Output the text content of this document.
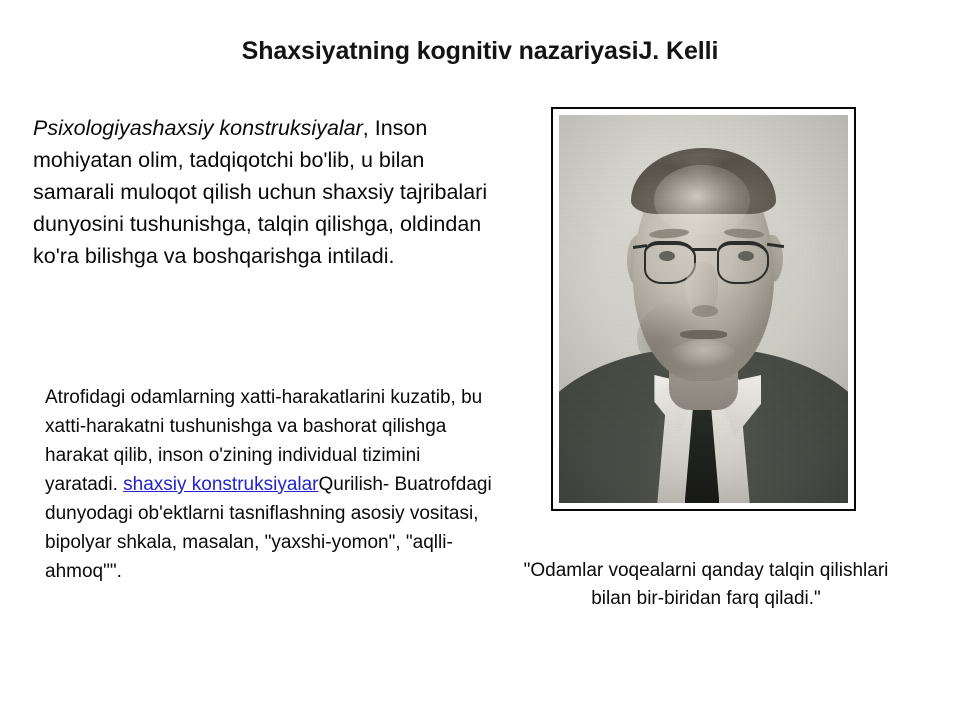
Shaxsiyatning kognitiv nazariyasiJ. Kelli
Psixologiyashaxsiy konstruksiyalar, Inson mohiyatan olim, tadqiqotchi bo'lib, u bilan samarali muloqot qilish uchun shaxsiy tajribalari dunyosini tushunishga, talqin qilishga, oldindan ko'ra bilishga va boshqarishga intiladi.
Atrofidagi odamlarning xatti-harakatlarini kuzatib, bu xatti-harakatni tushunishga va bashorat qilishga harakat qilib, inson o'zining individual tizimini yaratadi. shaxsiy konstruksiyalarQurilish- Buatrofdagi dunyodagi ob'ektlarni tasniflashning asosiy vositasi, bipolyar shkala, masalan, "yaxshi-yomon", "aqlli-ahmoq"".	"Odamlar voqealarni qanday talqin qilishlari bilan bir-biridan farq qiladi."
